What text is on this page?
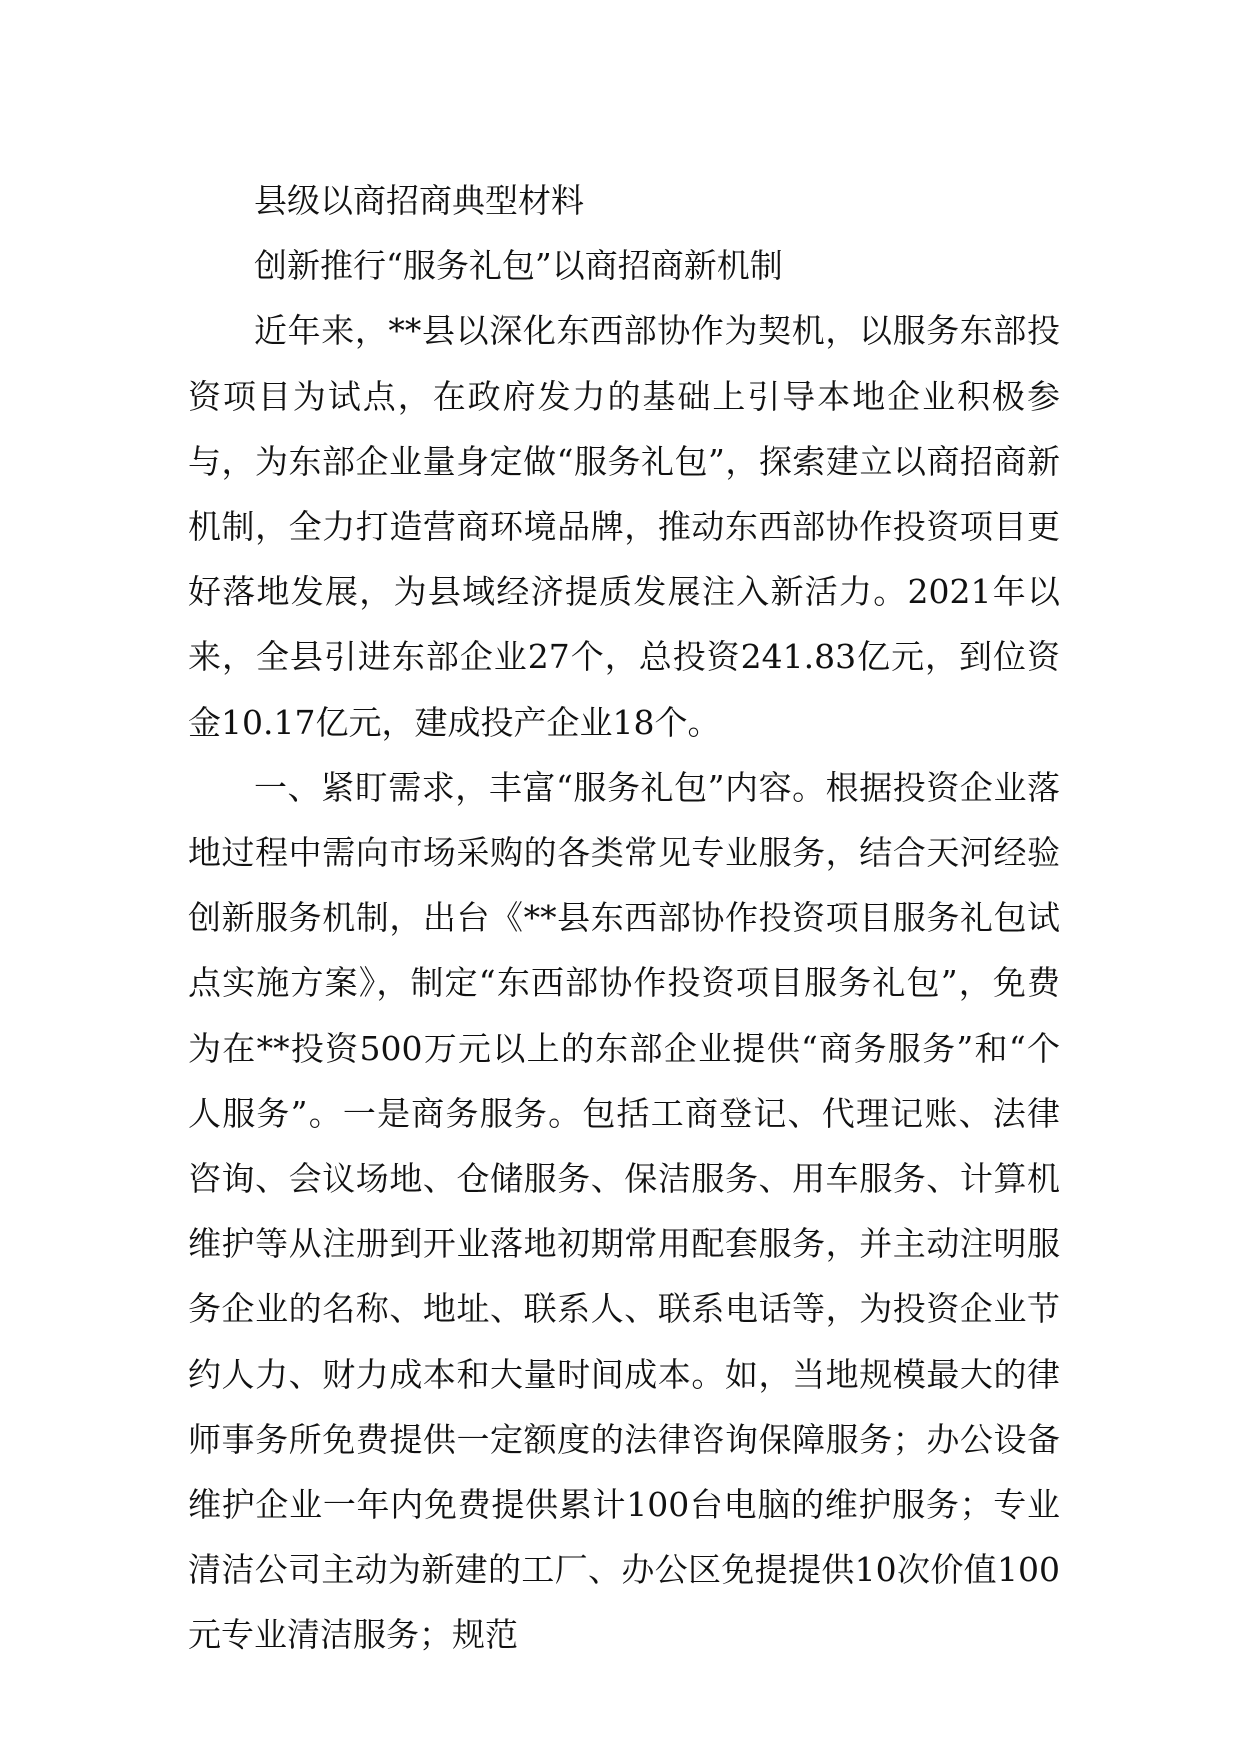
县级以商招商典型材料

创新推行“服务礼包”以商招商新机制

近年来，**县以深化东西部协作为契机，以服务东部投资项目为试点，在政府发力的基础上引导本地企业积极参与，为东部企业量身定做“服务礼包”，探索建立以商招商新机制，全力打造营商环境品牌，推动东西部协作投资项目更好落地发展，为县域经济提质发展注入新活力。2021年以来，全县引进东部企业27个，总投资241.83亿元，到位资金10.17亿元，建成投产企业18个。

一、紧盯需求，丰富“服务礼包”内容。根据投资企业落地过程中需向市场采购的各类常见专业服务，结合天河经验创新服务机制，出台《**县东西部协作投资项目服务礼包试点实施方案》，制定“东西部协作投资项目服务礼包”，免费为在**投资500万元以上的东部企业提供“商务服务”和“个人服务”。一是商务服务。包括工商登记、代理记账、法律咨询、会议场地、仓储服务、保洁服务、用车服务、计算机维护等从注册到开业落地初期常用配套服务，并主动注明服务企业的名称、地址、联系人、联系电话等，为投资企业节约人力、财力成本和大量时间成本。如，当地规模最大的律师事务所免费提供一定额度的法律咨询保障服务；办公设备维护企业一年内免费提供累计100台电脑的维护服务；专业清洁公司主动为新建的工厂、办公区免提提供10次价值100元专业清洁服务；规范
